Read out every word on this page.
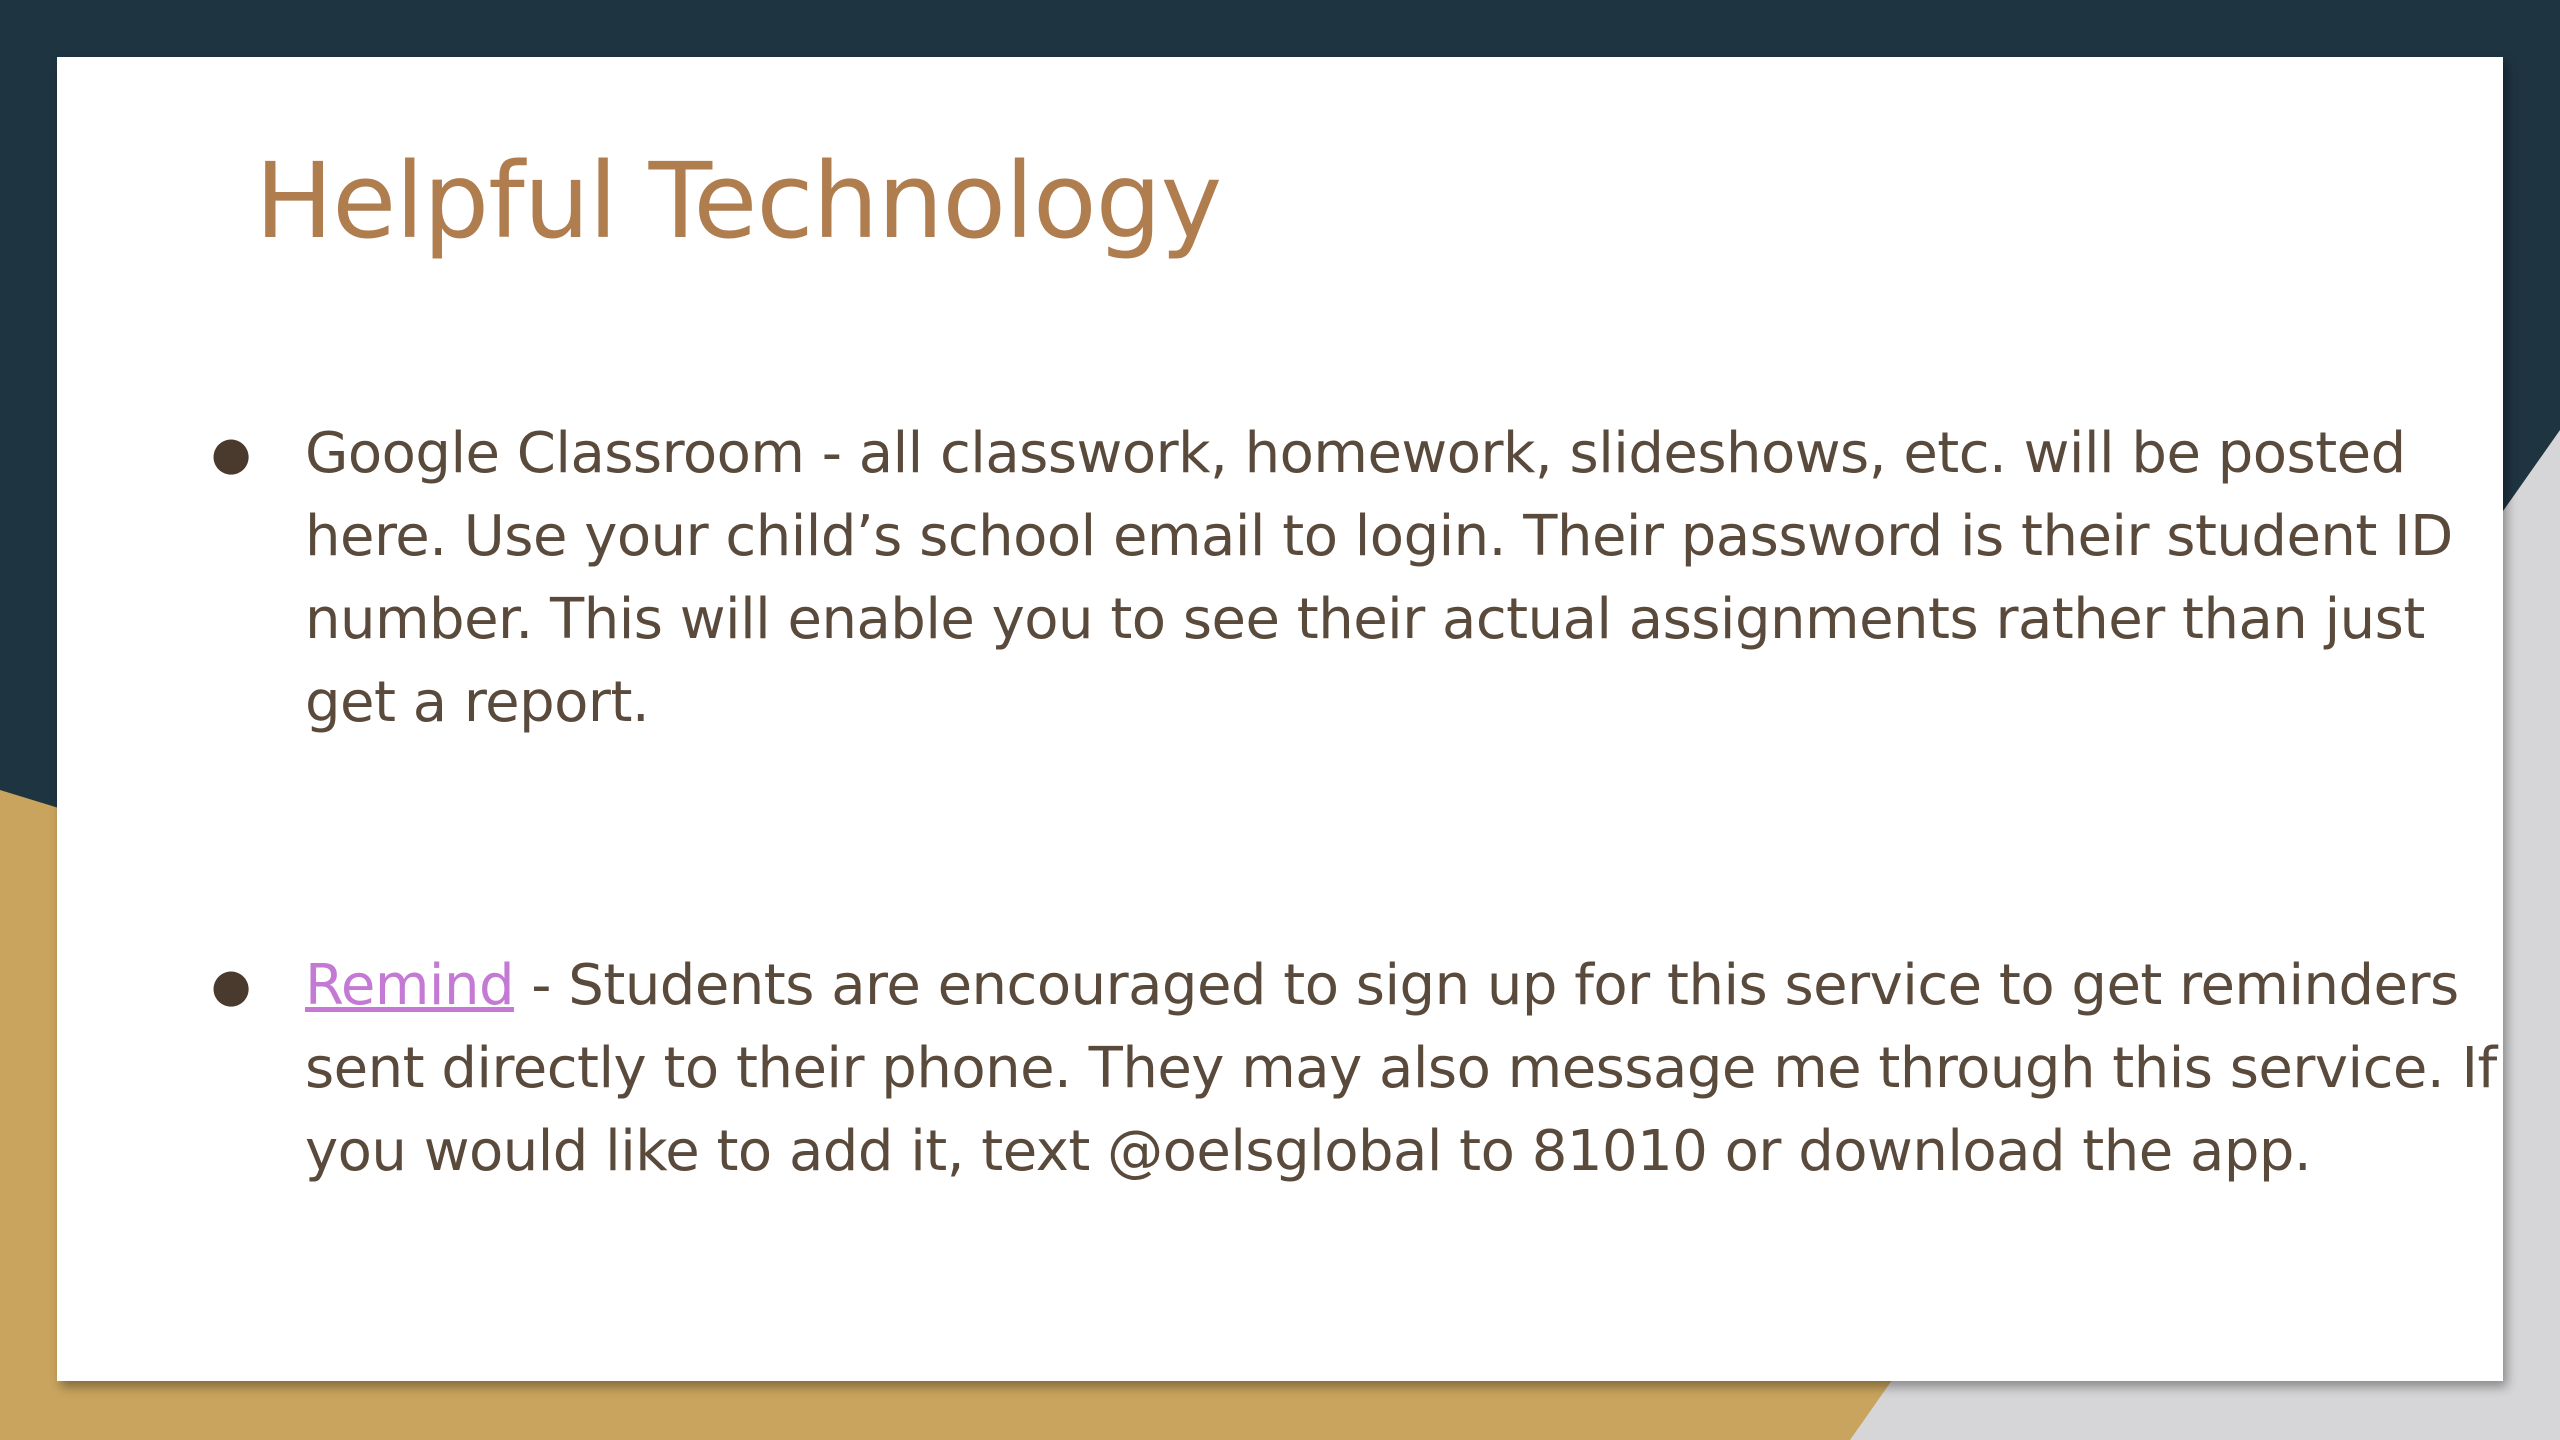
Helpful Technology
● Google Classroom - all classwork, homework, slideshows, etc. will be posted here. Use your child’s school email to login. Their password is their student ID number. This will enable you to see their actual assignments rather than just get a report.
● Remind - Students are encouraged to sign up for this service to get reminders sent directly to their phone. They may also message me through this service. If you would like to add it, text @oelsglobal to 81010 or download the app.
